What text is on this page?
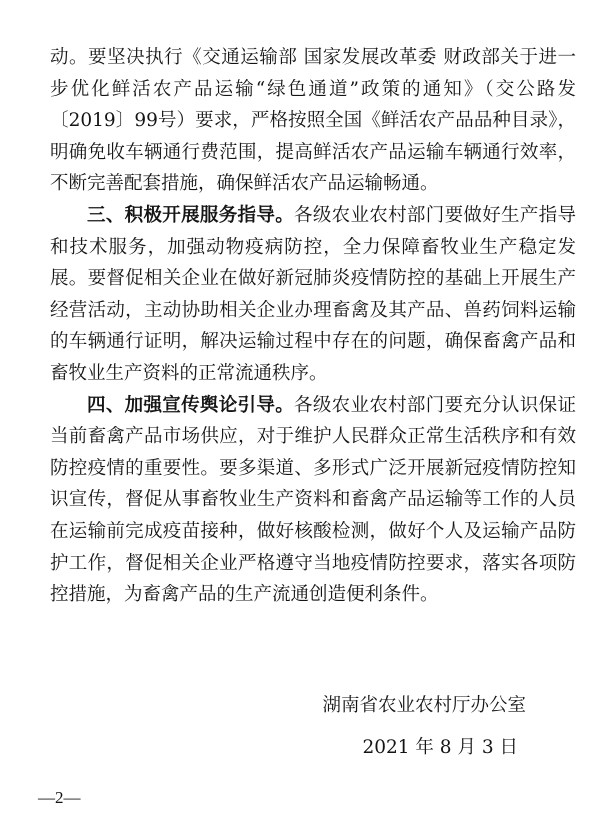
动。要坚决执行《交通运输部 国家发展改革委 财政部关于进一步优化鲜活农产品运输“绿色通道”政策的通知》（交公路发〔2019〕99号）要求，严格按照全国《鲜活农产品品种目录》，明确免收车辆通行费范围，提高鲜活农产品运输车辆通行效率，不断完善配套措施，确保鲜活农产品运输畅通。

三、积极开展服务指导。各级农业农村部门要做好生产指导和技术服务，加强动物疫病防控，全力保障畜牧业生产稳定发展。要督促相关企业在做好新冠肺炎疫情防控的基础上开展生产经营活动，主动协助相关企业办理畜禽及其产品、兽药饲料运输的车辆通行证明，解决运输过程中存在的问题，确保畜禽产品和畜牧业生产资料的正常流通秩序。

四、加强宣传舆论引导。各级农业农村部门要充分认识保证当前畜禽产品市场供应，对于维护人民群众正常生活秩序和有效防控疫情的重要性。要多渠道、多形式广泛开展新冠疫情防控知识宣传，督促从事畜牧业生产资料和畜禽产品运输等工作的人员在运输前完成疫苗接种，做好核酸检测，做好个人及运输产品防护工作，督促相关企业严格遵守当地疫情防控要求，落实各项防控措施，为畜禽产品的生产流通创造便利条件。

湖南省农业农村厅办公室
2021 年 8 月 3 日
—2—
